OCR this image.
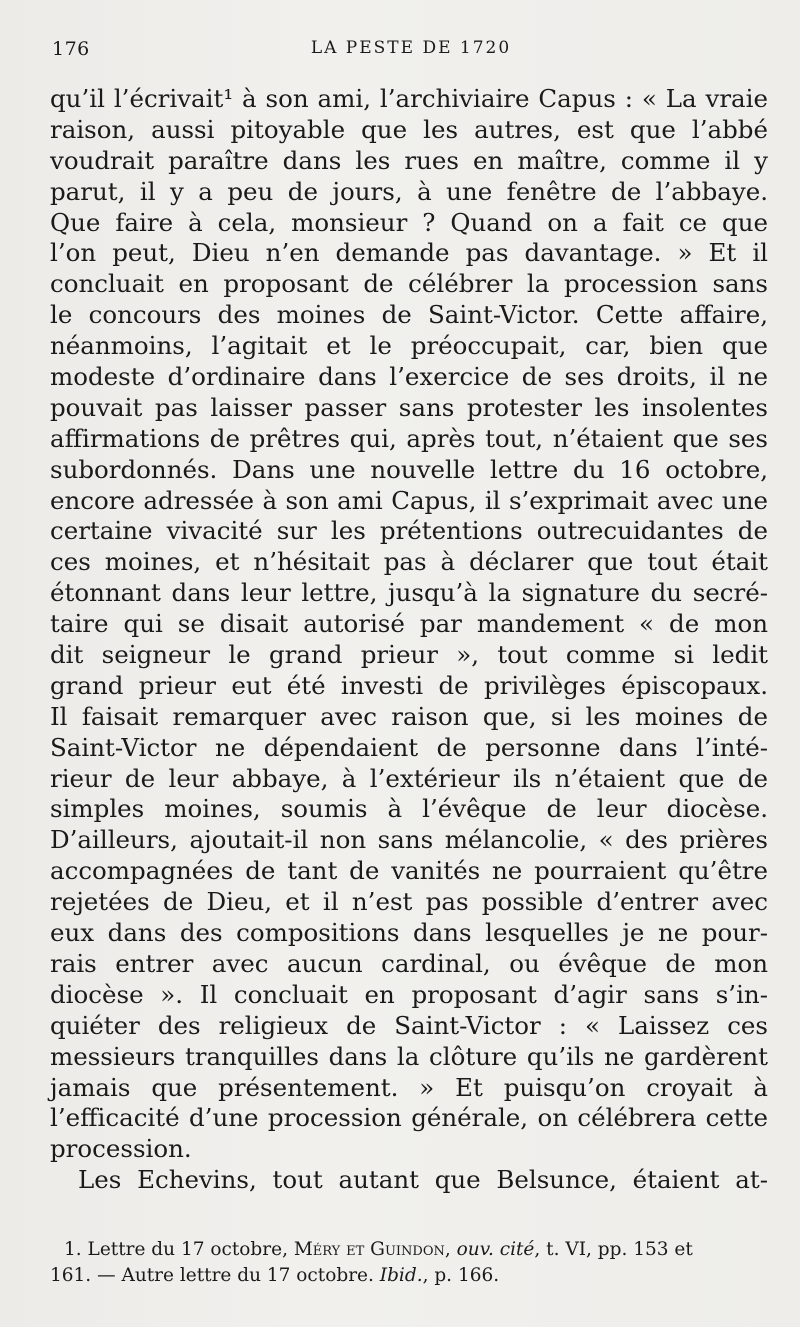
176	LA PESTE DE 1720
qu’il l’écrivait¹ à son ami, l’archiviaire Capus : « La vraie
raison, aussi pitoyable que les autres, est que l’abbé
voudrait paraître dans les rues en maître, comme il y
parut, il y a peu de jours, à une fenêtre de l’abbaye.
Que faire à cela, monsieur ? Quand on a fait ce que
l’on peut, Dieu n’en demande pas davantage. » Et il
concluait en proposant de célébrer la procession sans
le concours des moines de Saint-Victor. Cette affaire,
néanmoins, l’agitait et le préoccupait, car, bien que
modeste d’ordinaire dans l’exercice de ses droits, il ne
pouvait pas laisser passer sans protester les insolentes
affirmations de prêtres qui, après tout, n’étaient que ses
subordonnés. Dans une nouvelle lettre du 16 octobre,
encore adressée à son ami Capus, il s’exprimait avec une
certaine vivacité sur les prétentions outrecuidantes de
ces moines, et n’hésitait pas à déclarer que tout était
étonnant dans leur lettre, jusqu’à la signature du secré-
taire qui se disait autorisé par mandement « de mon
dit seigneur le grand prieur », tout comme si ledit
grand prieur eut été investi de privilèges épiscopaux.
Il faisait remarquer avec raison que, si les moines de
Saint-Victor ne dépendaient de personne dans l’inté-
rieur de leur abbaye, à l’extérieur ils n’étaient que de
simples moines, soumis à l’évêque de leur diocèse.
D’ailleurs, ajoutait-il non sans mélancolie, « des prières
accompagnées de tant de vanités ne pourraient qu’être
rejetées de Dieu, et il n’est pas possible d’entrer avec
eux dans des compositions dans lesquelles je ne pour-
rais entrer avec aucun cardinal, ou évêque de mon
diocèse ». Il concluait en proposant d’agir sans s’in-
quiéter des religieux de Saint-Victor : « Laissez ces
messieurs tranquilles dans la clôture qu’ils ne gardèrent
jamais que présentement. » Et puisqu’on croyait à
l’efficacité d’une procession générale, on célébrera cette
procession.
Les Echevins, tout autant que Belsunce, étaient at-
1. Lettre du 17 octobre, Méry et Guindon, ouv. cité, t. VI, pp. 153 et
161. — Autre lettre du 17 octobre. Ibid., p. 166.
